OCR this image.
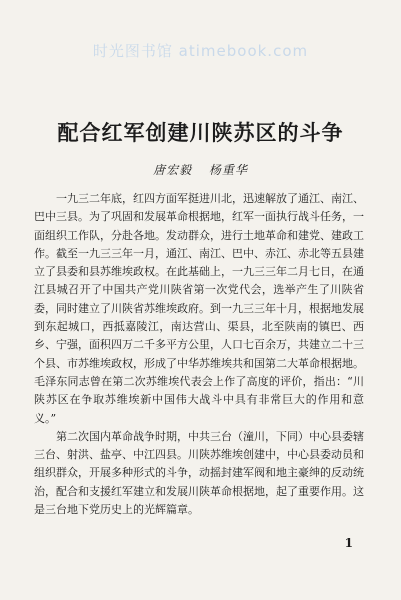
时光图书馆 atimebook.com
配合红军创建川陕苏区的斗争
唐宏毅 杨重华

一九三二年底，红四方面军挺进川北，迅速解放了通江、南江、巴中三县。为了巩固和发展革命根据地，红军一面执行战斗任务，一面组织工作队，分赴各地。发动群众，进行土地革命和建党、建政工作。截至一九三三年一月，通江、南江、巴中、赤江、赤北等五县建立了县委和县苏维埃政权。在此基础上，一九三三年二月七日，在通江县城召开了中国共产党川陕省第一次党代会，选举产生了川陕省委，同时建立了川陕省苏维埃政府。到一九三三年十月，根据地发展到东起城口，西抵嘉陵江，南达营山、渠县，北至陕南的镇巴、西乡、宁强，面积四万二千多平方公里，人口七百余万，共建立二十三个县、市苏维埃政权，形成了中华苏维埃共和国第二大革命根据地。毛泽东同志曾在第二次苏维埃代表会上作了高度的评价，指出：“川陕苏区在争取苏维埃新中国伟大战斗中具有非常巨大的作用和意义。”

第二次国内革命战争时期，中共三台（潼川，下同）中心县委辖三台、射洪、盐亭、中江四县。川陕苏维埃创建中，中心县委动员和组织群众，开展多种形式的斗争，动摇封建军阀和地主豪绅的反动统治，配合和支援红军建立和发展川陕革命根据地，起了重要作用。这是三台地下党历史上的光辉篇章。

1
